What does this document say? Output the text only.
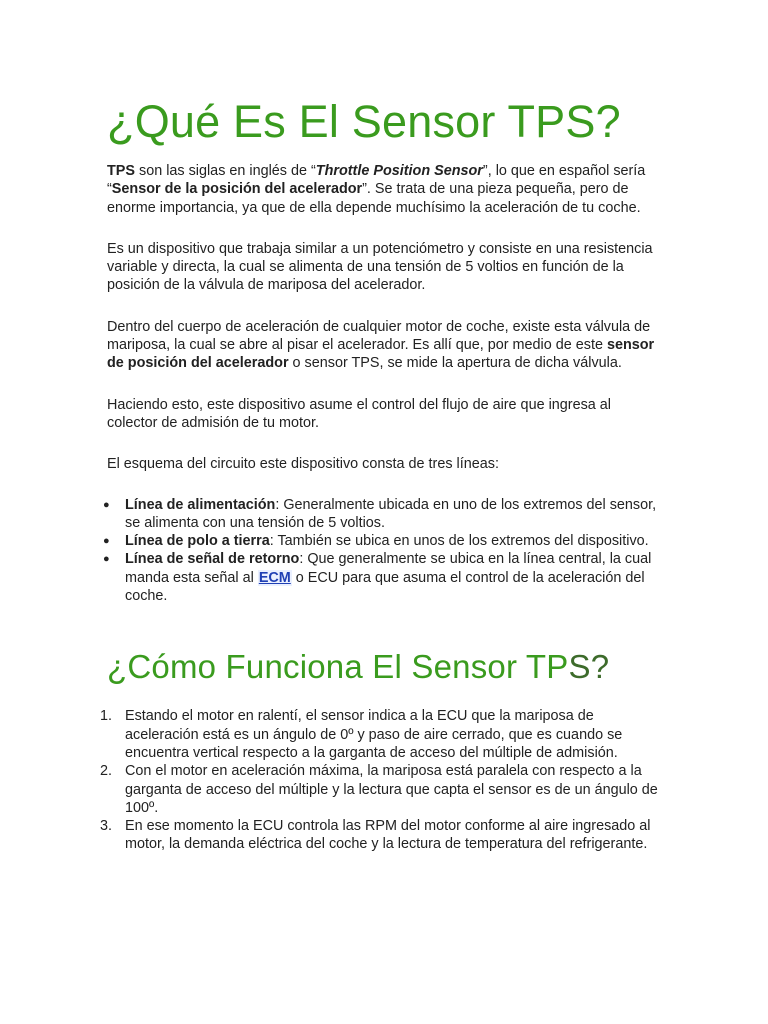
¿Qué Es El Sensor TPS?

TPS son las siglas en inglés de “Throttle Position Sensor”, lo que en español sería “Sensor de la posición del acelerador”. Se trata de una pieza pequeña, pero de enorme importancia, ya que de ella depende muchísimo la aceleración de tu coche.

Es un dispositivo que trabaja similar a un potenciómetro y consiste en una resistencia variable y directa, la cual se alimenta de una tensión de 5 voltios en función de la posición de la válvula de mariposa del acelerador.

Dentro del cuerpo de aceleración de cualquier motor de coche, existe esta válvula de mariposa, la cual se abre al pisar el acelerador. Es allí que, por medio de este sensor de posición del acelerador o sensor TPS, se mide la apertura de dicha válvula.

Haciendo esto, este dispositivo asume el control del flujo de aire que ingresa al colector de admisión de tu motor.

El esquema del circuito este dispositivo consta de tres líneas:

● Línea de alimentación: Generalmente ubicada en uno de los extremos del sensor, se alimenta con una tensión de 5 voltios.
● Línea de polo a tierra: También se ubica en unos de los extremos del dispositivo.
● Línea de señal de retorno: Que generalmente se ubica en la línea central, la cual manda esta señal al ECM o ECU para que asuma el control de la aceleración del coche.
¿Cómo Funciona El Sensor TPS?
1. Estando el motor en ralentí, el sensor indica a la ECU que la mariposa de aceleración está es un ángulo de 0º y paso de aire cerrado, que es cuando se encuentra vertical respecto a la garganta de acceso del múltiple de admisión.
2. Con el motor en aceleración máxima, la mariposa está paralela con respecto a la garganta de acceso del múltiple y la lectura que capta el sensor es de un ángulo de 100º.
3. En ese momento la ECU controla las RPM del motor conforme al aire ingresado al motor, la demanda eléctrica del coche y la lectura de temperatura del refrigerante.
